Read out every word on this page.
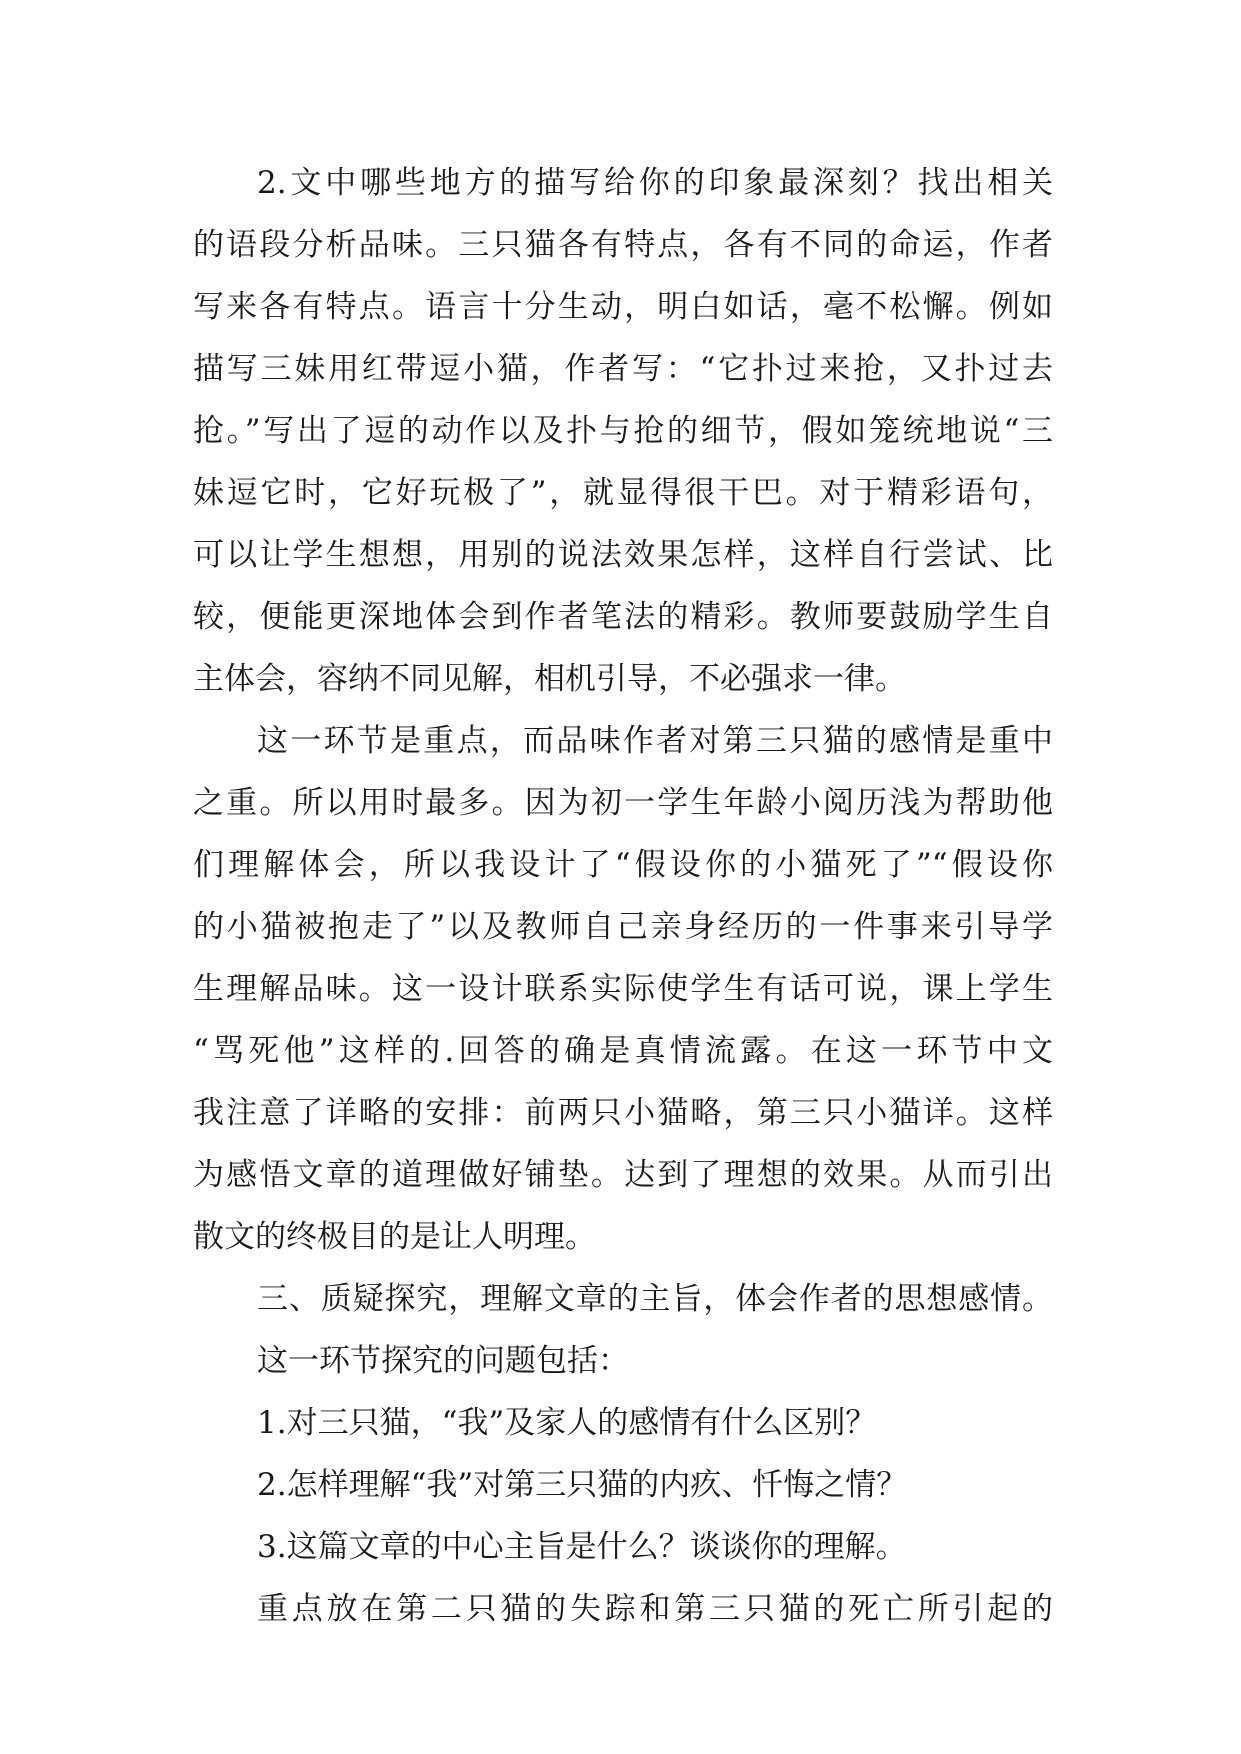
2.文中哪些地方的描写给你的印象最深刻？找出相关
的语段分析品味。三只猫各有特点，各有不同的命运，作者
写来各有特点。语言十分生动，明白如话，毫不松懈。例如
描写三妹用红带逗小猫，作者写：“它扑过来抢，又扑过去
抢。”写出了逗的动作以及扑与抢的细节，假如笼统地说“三
妹逗它时，它好玩极了”，就显得很干巴。对于精彩语句，
可以让学生想想，用别的说法效果怎样，这样自行尝试、比
较，便能更深地体会到作者笔法的精彩。教师要鼓励学生自
主体会，容纳不同见解，相机引导，不必强求一律。
这一环节是重点，而品味作者对第三只猫的感情是重中
之重。所以用时最多。因为初一学生年龄小阅历浅为帮助他
们理解体会，所以我设计了“假设你的小猫死了”“假设你
的小猫被抱走了”以及教师自己亲身经历的一件事来引导学
生理解品味。这一设计联系实际使学生有话可说，课上学生
“骂死他”这样的.回答的确是真情流露。在这一环节中文
我注意了详略的安排：前两只小猫略，第三只小猫详。这样
为感悟文章的道理做好铺垫。达到了理想的效果。从而引出
散文的终极目的是让人明理。
三、质疑探究，理解文章的主旨，体会作者的思想感情。
这一环节探究的问题包括：
1.对三只猫，“我”及家人的感情有什么区别？
2.怎样理解“我”对第三只猫的内疚、忏悔之情？
3.这篇文章的中心主旨是什么？谈谈你的理解。
重点放在第二只猫的失踪和第三只猫的死亡所引起的
